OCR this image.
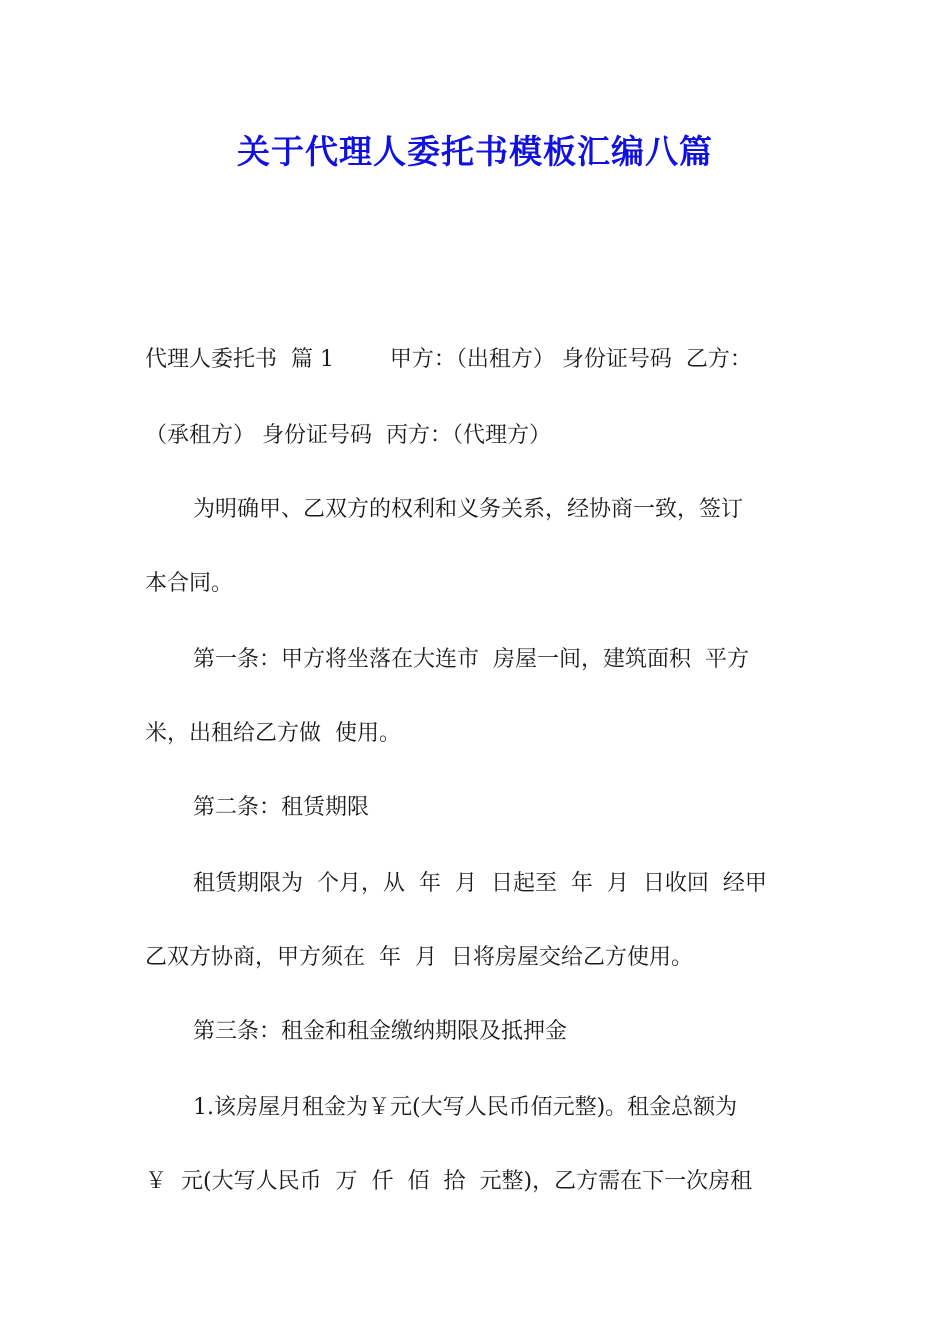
关于代理人委托书模板汇编八篇

代理人委托书  篇 1        甲方：（出租方） 身份证号码  乙方：

（承租方） 身份证号码  丙方：（代理方）

为明确甲、乙双方的权利和义务关系，经协商一致，签订

本合同。

第一条：甲方将坐落在大连市  房屋一间，建筑面积  平方

米，出租给乙方做  使用。

第二条：租赁期限

租赁期限为  个月，从  年  月  日起至  年  月  日收回  经甲

乙双方协商，甲方须在  年  月  日将房屋交给乙方使用。

第三条：租金和租金缴纳期限及抵押金

1.该房屋月租金为￥元(大写人民币佰元整)。租金总额为

￥  元(大写人民币  万  仟  佰  拾  元整)，乙方需在下一次房租
